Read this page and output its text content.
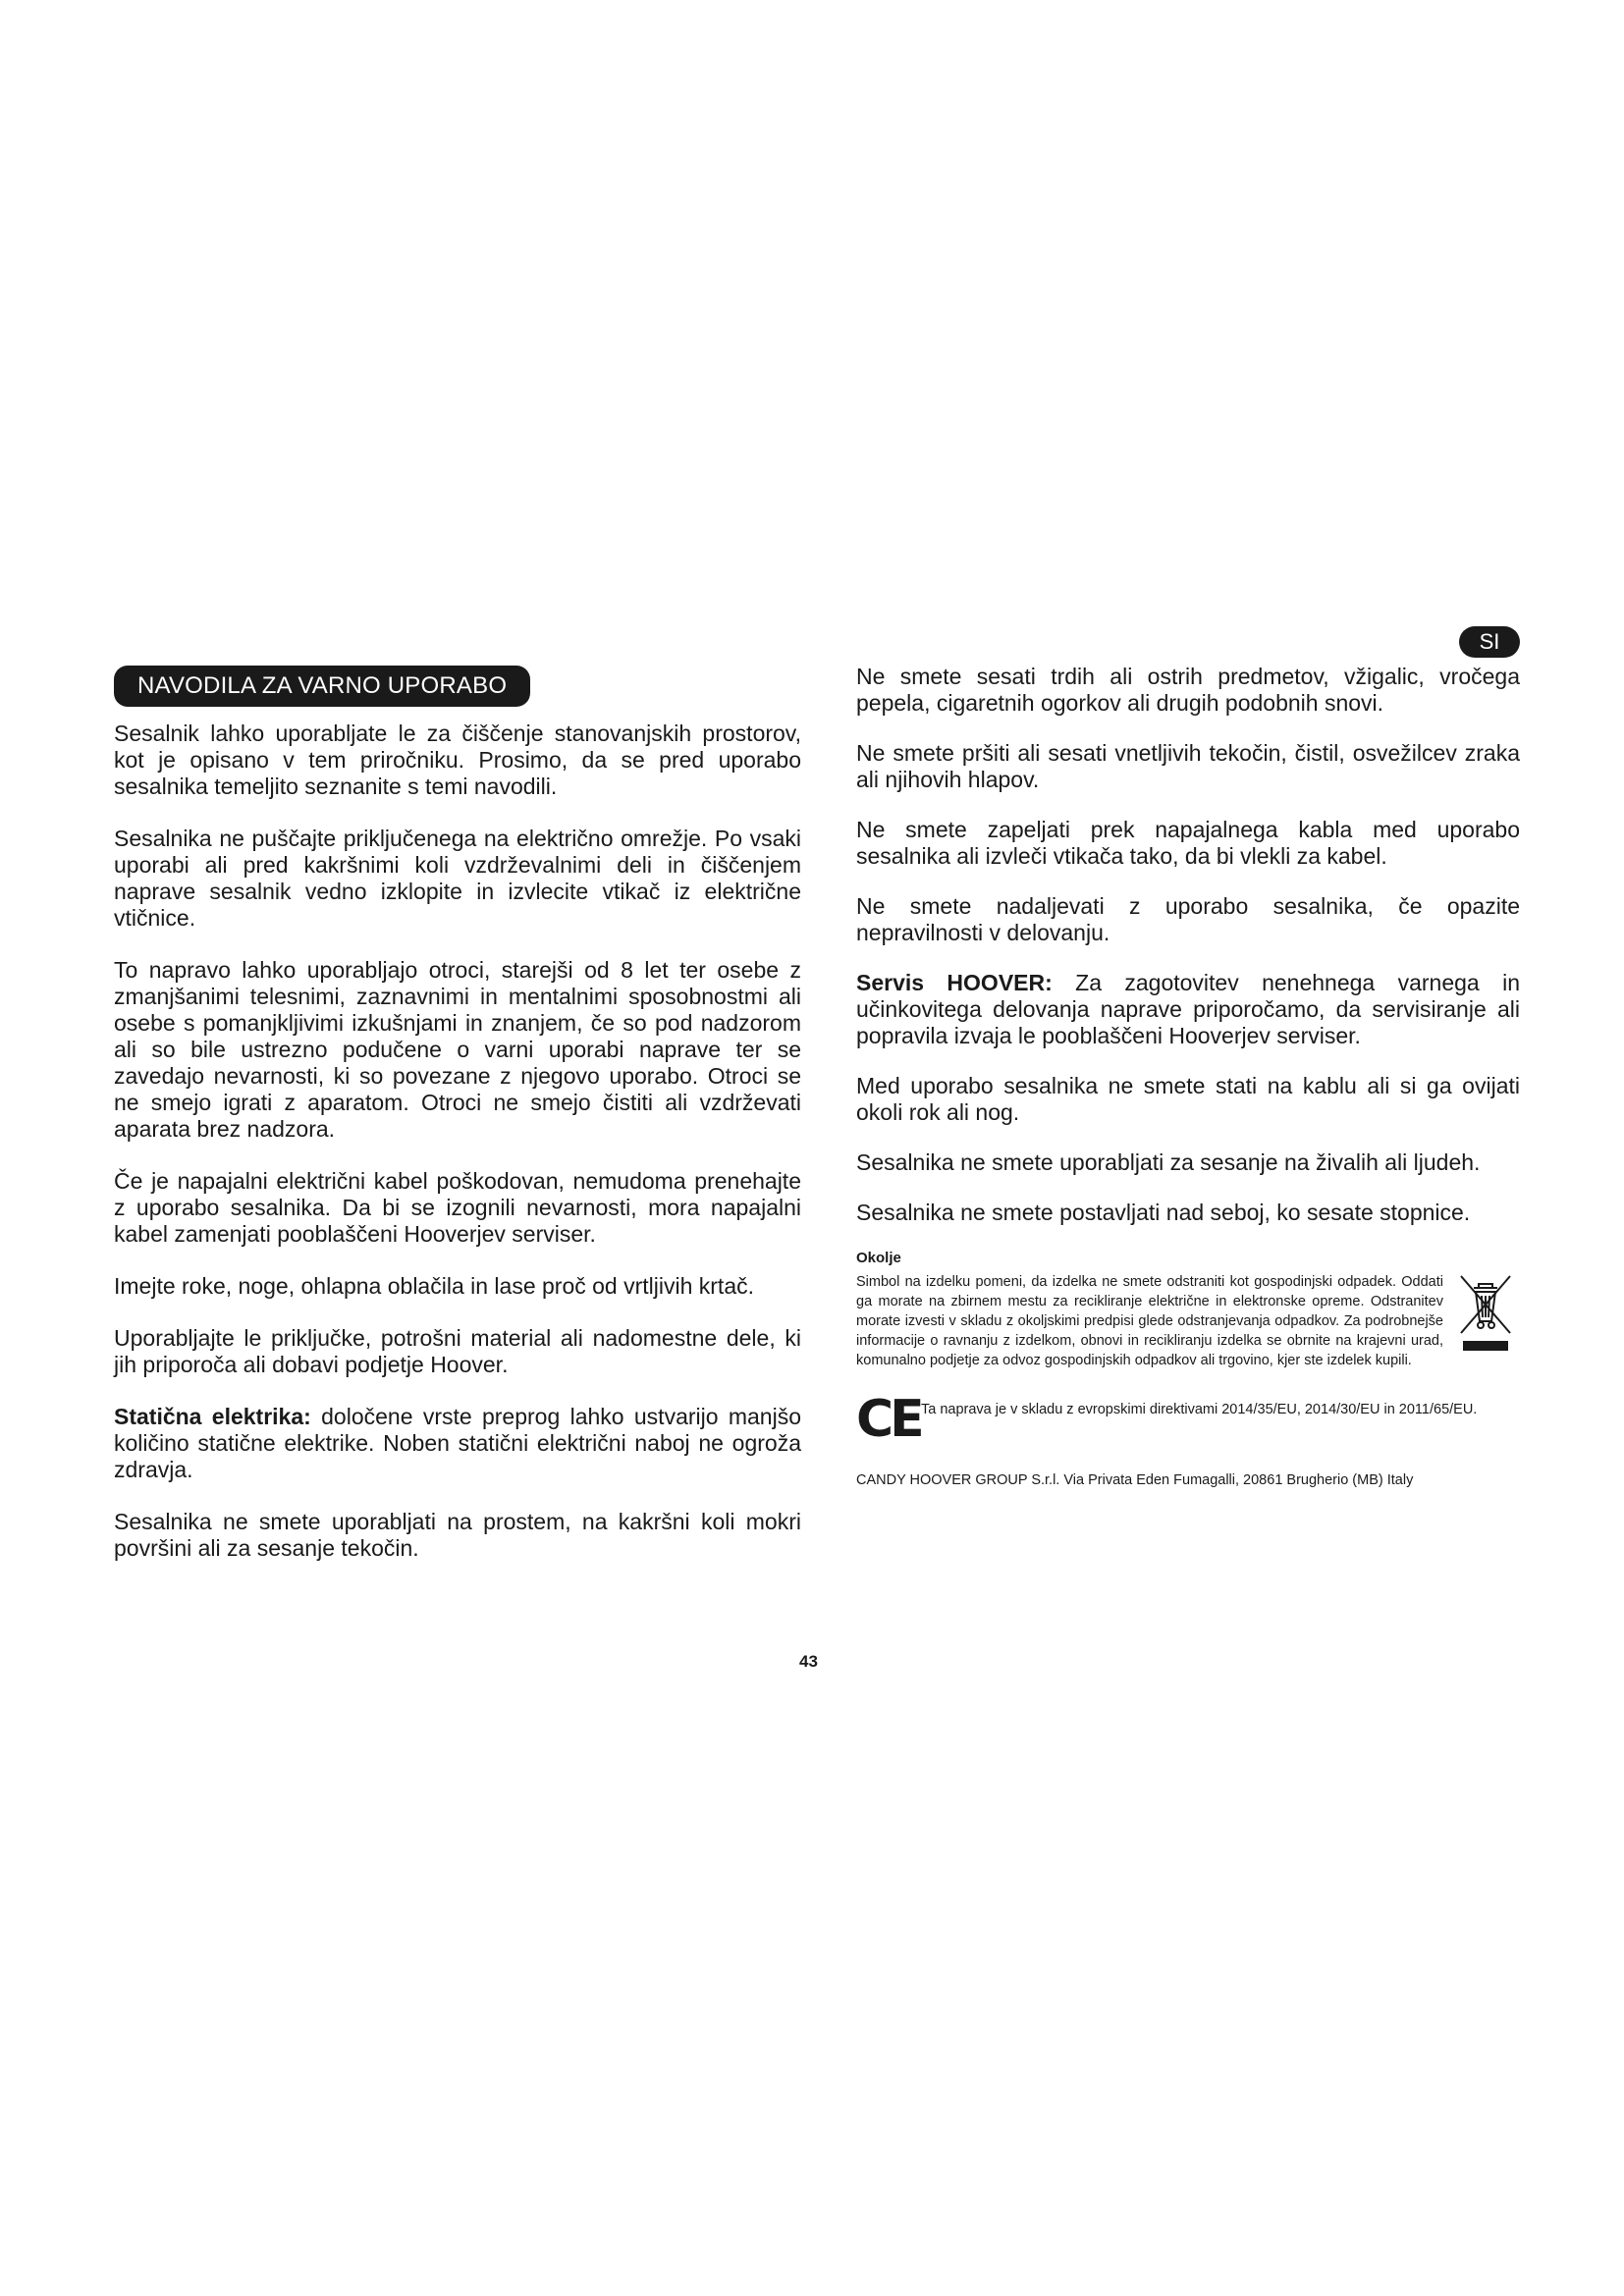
SI
NAVODILA ZA VARNO UPORABO

Sesalnik lahko uporabljate le za čiščenje stanovanjskih prostorov, kot je opisano v tem priročniku. Prosimo, da se pred uporabo sesalnika temeljito seznanite s temi navodili.

Sesalnika ne puščajte priključenega na električno omrežje. Po vsaki uporabi ali pred kakršnimi koli vzdrževalnimi deli in čiščenjem naprave sesalnik vedno izklopite in izvlecite vtikač iz električne vtičnice.

To napravo lahko uporabljajo otroci, starejši od 8 let ter osebe z zmanjšanimi telesnimi, zaznavnimi in mentalnimi sposobnostmi ali osebe s pomanjkljivimi izkušnjami in znanjem, če so pod nadzorom ali so bile ustrezno podučene o varni uporabi naprave ter se zavedajo nevarnosti, ki so povezane z njegovo uporabo. Otroci se ne smejo igrati z aparatom. Otroci ne smejo čistiti ali vzdrževati aparata brez nadzora.

Če je napajalni električni kabel poškodovan, nemudoma prenehajte z uporabo sesalnika. Da bi se izognili nevarnosti, mora napajalni kabel zamenjati pooblaščeni Hooverjev serviser.

Imejte roke, noge, ohlapna oblačila in lase proč od vrtljivih krtač.

Uporabljajte le priključke, potrošni material ali nadomestne dele, ki jih priporoča ali dobavi podjetje Hoover.

Statična elektrika: določene vrste preprog lahko ustvarijo manjšo količino statične elektrike. Noben statični električni naboj ne ogroža zdravja.

Sesalnika ne smete uporabljati na prostem, na kakršni koli mokri površini ali za sesanje tekočin.

Ne smete sesati trdih ali ostrih predmetov, vžigalic, vročega pepela, cigaretnih ogorkov ali drugih podobnih snovi.

Ne smete pršiti ali sesati vnetljivih tekočin, čistil, osvežilcev zraka ali njihovih hlapov.

Ne smete zapeljati prek napajalnega kabla med uporabo sesalnika ali izvleči vtikača tako, da bi vlekli za kabel.

Ne smete nadaljevati z uporabo sesalnika, če opazite nepravilnosti v delovanju.

Servis HOOVER: Za zagotovitev nenehnega varnega in učinkovitega delovanja naprave priporočamo, da servisiranje ali popravila izvaja le pooblaščeni Hooverjev serviser.

Med uporabo sesalnika ne smete stati na kablu ali si ga ovijati okoli rok ali nog.

Sesalnika ne smete uporabljati za sesanje na živalih ali ljudeh.

Sesalnika ne smete postavljati nad seboj, ko sesate stopnice.

Okolje

Simbol na izdelku pomeni, da izdelka ne smete odstraniti kot gospodinjski odpadek. Oddati ga morate na zbirnem mestu za recikliranje električne in elektronske opreme. Odstranitev morate izvesti v skladu z okoljskimi predpisi glede odstranjevanja odpadkov. Za podrobnejše informacije o ravnanju z izdelkom, obnovi in recikliranju izdelka se obrnite na krajevni urad, komunalno podjetje za odvoz gospodinjskih odpadkov ali trgovino, kjer ste izdelek kupili.

CE Ta naprava je v skladu z evropskimi direktivami 2014/35/EU, 2014/30/EU in 2011/65/EU.
CANDY HOOVER GROUP S.r.l. Via Privata Eden Fumagalli, 20861 Brugherio (MB) Italy
43
